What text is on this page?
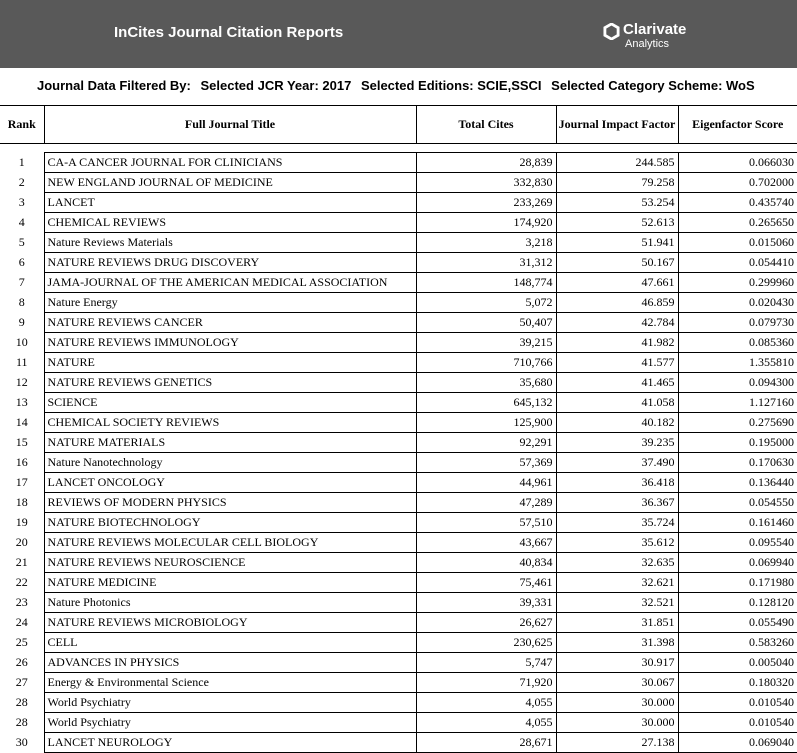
InCites Journal Citation Reports	Clarivate
Analytics
Journal Data Filtered By: Selected JCR Year: 2017 Selected Editions: SCIE,SSCI Selected Category Scheme: WoS
Rank	Full Journal Title	Total Cites	Journal Impact Factor	Eigenfactor Score

1	CA-A CANCER JOURNAL FOR CLINICIANS	28,839	244.585	0.066030
2	NEW ENGLAND JOURNAL OF MEDICINE	332,830	79.258	0.702000
3	LANCET	233,269	53.254	0.435740
4	CHEMICAL REVIEWS	174,920	52.613	0.265650
5	Nature Reviews Materials	3,218	51.941	0.015060
6	NATURE REVIEWS DRUG DISCOVERY	31,312	50.167	0.054410
7	JAMA-JOURNAL OF THE AMERICAN MEDICAL ASSOCIATION	148,774	47.661	0.299960
8	Nature Energy	5,072	46.859	0.020430
9	NATURE REVIEWS CANCER	50,407	42.784	0.079730
10	NATURE REVIEWS IMMUNOLOGY	39,215	41.982	0.085360
11	NATURE	710,766	41.577	1.355810
12	NATURE REVIEWS GENETICS	35,680	41.465	0.094300
13	SCIENCE	645,132	41.058	1.127160
14	CHEMICAL SOCIETY REVIEWS	125,900	40.182	0.275690
15	NATURE MATERIALS	92,291	39.235	0.195000
16	Nature Nanotechnology	57,369	37.490	0.170630
17	LANCET ONCOLOGY	44,961	36.418	0.136440
18	REVIEWS OF MODERN PHYSICS	47,289	36.367	0.054550
19	NATURE BIOTECHNOLOGY	57,510	35.724	0.161460
20	NATURE REVIEWS MOLECULAR CELL BIOLOGY	43,667	35.612	0.095540
21	NATURE REVIEWS NEUROSCIENCE	40,834	32.635	0.069940
22	NATURE MEDICINE	75,461	32.621	0.171980
23	Nature Photonics	39,331	32.521	0.128120
24	NATURE REVIEWS MICROBIOLOGY	26,627	31.851	0.055490
25	CELL	230,625	31.398	0.583260
26	ADVANCES IN PHYSICS	5,747	30.917	0.005040
27	Energy & Environmental Science	71,920	30.067	0.180320
28	World Psychiatry	4,055	30.000	0.010540
28	World Psychiatry	4,055	30.000	0.010540
30	LANCET NEUROLOGY	28,671	27.138	0.069040
